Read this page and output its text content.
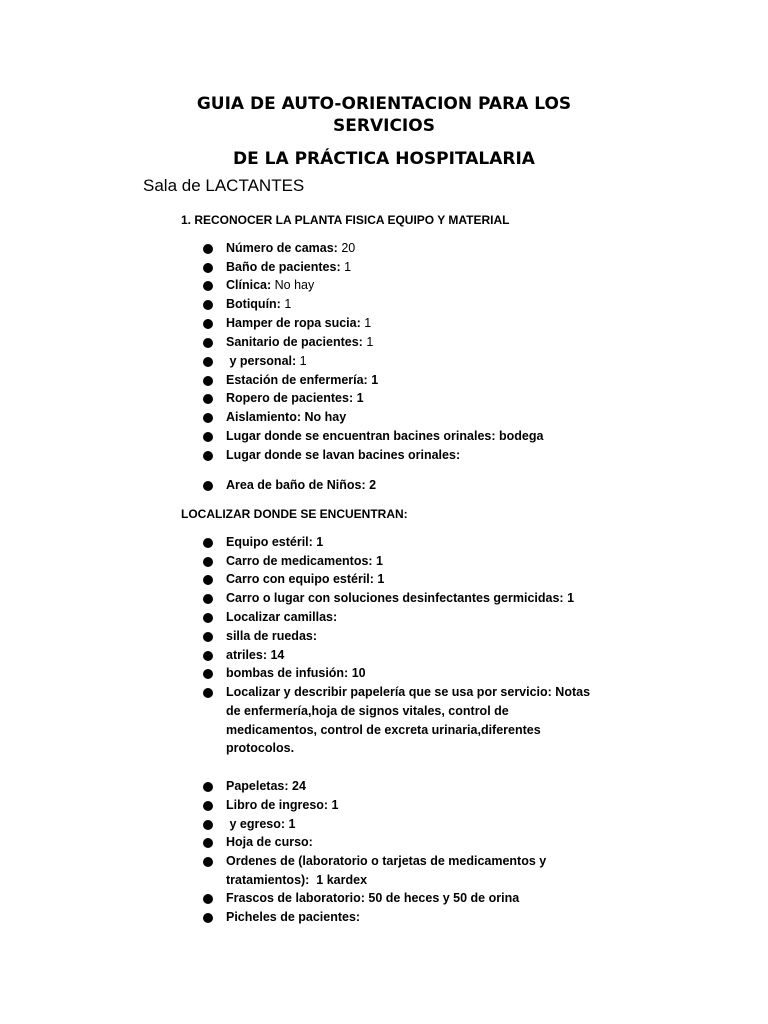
GUIA DE AUTO-ORIENTACION PARA LOS
SERVICIOS
DE LA PRÁCTICA HOSPITALARIA
Sala de LACTANTES
1. RECONOCER LA PLANTA FISICA EQUIPO Y MATERIAL
Número de camas: 20
Baño de pacientes: 1
Clínica: No hay
Botiquín: 1
Hamper de ropa sucia: 1
Sanitario de pacientes: 1
y personal: 1
Estación de enfermería: 1
Ropero de pacientes: 1
Aislamiento: No hay
Lugar donde se encuentran bacines orinales: bodega
Lugar donde se lavan bacines orinales:
Area de baño de Niños: 2
LOCALIZAR DONDE SE ENCUENTRAN:
Equipo estéril: 1
Carro de medicamentos: 1
Carro con equipo estéril: 1
Carro o lugar con soluciones desinfectantes germicidas: 1
Localizar camillas:
silla de ruedas:
atriles: 14
bombas de infusión: 10
Localizar y describir papelería que se usa por servicio: Notas de enfermería,hoja de signos vitales, control de medicamentos, control de excreta urinaria,diferentes protocolos.
Papeletas: 24
Libro de ingreso: 1
y egreso: 1
Hoja de curso:
Ordenes de (laboratorio o tarjetas de medicamentos y tratamientos):  1 kardex
Frascos de laboratorio: 50 de heces y 50 de orina
Picheles de pacientes:
